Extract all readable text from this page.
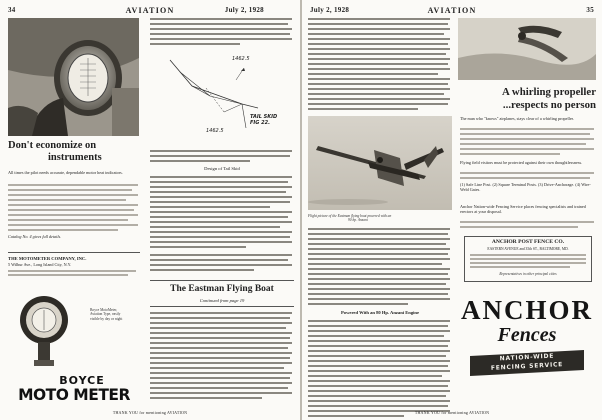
34	AVIATION	July 2, 1928
Don't economize on
instruments
All times the pilot needs accurate, dependable motor heat indicators.
Catalog No. 4 gives full details.
THE MOTOMETER COMPANY, INC.
5 Wilbur Ave., Long Island City, N.Y.
Boyce MotoMeter,
Aviation Type, easily
visible by day or night
BOYCE
MOTO METER
1462.5
1462.5
TAIL SKID
FIG 22.
Design of Tail Skid
The Eastman Flying Boat
Continued from page 19
THANK YOU for mentioning AVIATION
July 2, 1928	AVIATION	35
Flight picture of the Eastman flying boat powered with an
90 hp. Anzani
Powered With an 80 Hp. Anzani Engine
A whirling propeller
...respects no person
The man who "knows" airplanes, stays clear of a whirling propeller.
Flying field visitors must be protected against their own thoughtlessness.
(1) Safe Line Post. (2) Square Terminal Posts. (3) Drive-Anchorage. (4) Wire-Weld Gates.
Anchor Nation-wide Fencing Service places fencing specialists and trained erectors at your disposal.
ANCHOR POST FENCE CO.
EASTERN AVENUE and 35th ST., BALTIMORE, MD.
Representatives in other principal cities
ANCHOR
Fences
NATION-WIDE
FENCING SERVICE
THANK YOU for mentioning AVIATION
